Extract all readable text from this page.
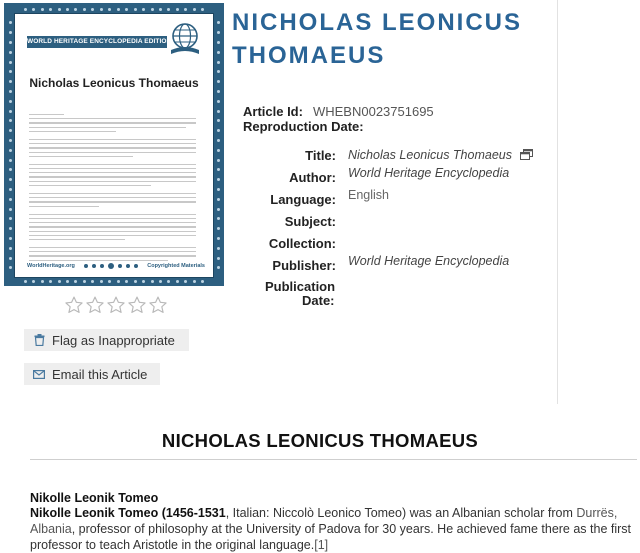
WORLD HERITAGE ENCYCLOPEDIA EDITION
Nicholas Leonicus Thomaeus
WorldHeritage.org	Copyrighted Materials
Flag as Inappropriate
Email this Article
NICHOLAS LEONICUS THOMAEUS
Article Id: WHEBN0023751695
Reproduction Date:
Title: Nicholas Leonicus Thomaeus
Author: World Heritage Encyclopedia
Language: English
Subject:
Collection:
Publisher: World Heritage Encyclopedia
Publication
Date:
NICHOLAS LEONICUS THOMAEUS
Nikolle Leonik Tomeo

Nikolle Leonik Tomeo (1456-1531, Italian: Niccolò Leonico Tomeo) was an Albanian scholar from Durrës, Albania, professor of philosophy at the University of Padova for 30 years. He achieved fame there as the first professor to teach Aristotle in the original language.[1]
